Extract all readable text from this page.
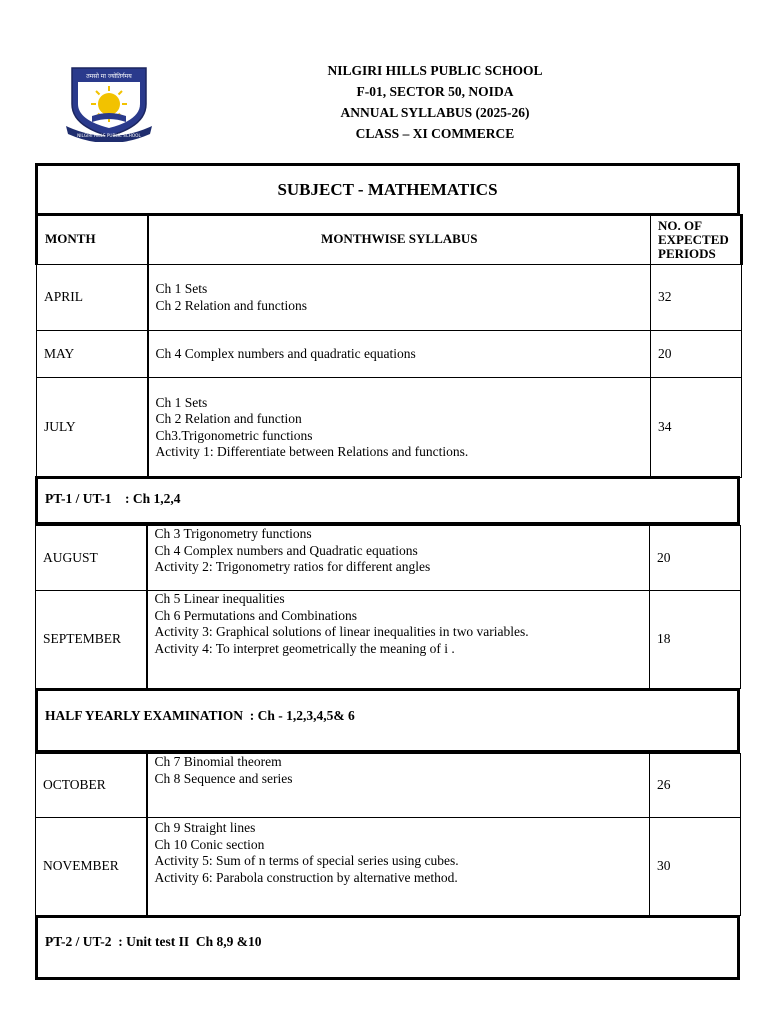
तमसो मा ज्योतिर्गमय
NILGIRI HILLS PUBLIC SCHOOL
NILGIRI HILLS PUBLIC SCHOOL
F-01, SECTOR 50, NOIDA
ANNUAL SYLLABUS (2025-26)
CLASS – XI COMMERCE
SUBJECT - MATHEMATICS
MONTH	MONTHWISE SYLLABUS	NO. OF
EXPECTED
PERIODS

APRIL	Ch 1 Sets
Ch 2 Relation and functions	32
MAY	Ch 4 Complex numbers and quadratic equations	20
JULY	Ch 1 Sets
Ch 2 Relation and function
Ch3.Trigonometric functions
Activity 1: Differentiate between Relations and functions.	34
PT-1 / UT-1    : Ch 1,2,4
AUGUST	Ch 3 Trigonometry functions
Ch 4 Complex numbers and Quadratic equations
Activity 2: Trigonometry ratios for different angles	20
SEPTEMBER	Ch 5 Linear inequalities
Ch 6 Permutations and Combinations
Activity 3: Graphical solutions of linear inequalities in two variables.
Activity 4: To interpret geometrically the meaning of i .	18
HALF YEARLY EXAMINATION  : Ch - 1,2,3,4,5& 6
OCTOBER	Ch 7 Binomial theorem
Ch 8 Sequence and series	26
NOVEMBER	Ch 9 Straight lines
Ch 10 Conic section
Activity 5: Sum of n terms of special series using cubes.
Activity 6: Parabola construction by alternative method.	30
PT-2 / UT-2  : Unit test II  Ch 8,9 &10
